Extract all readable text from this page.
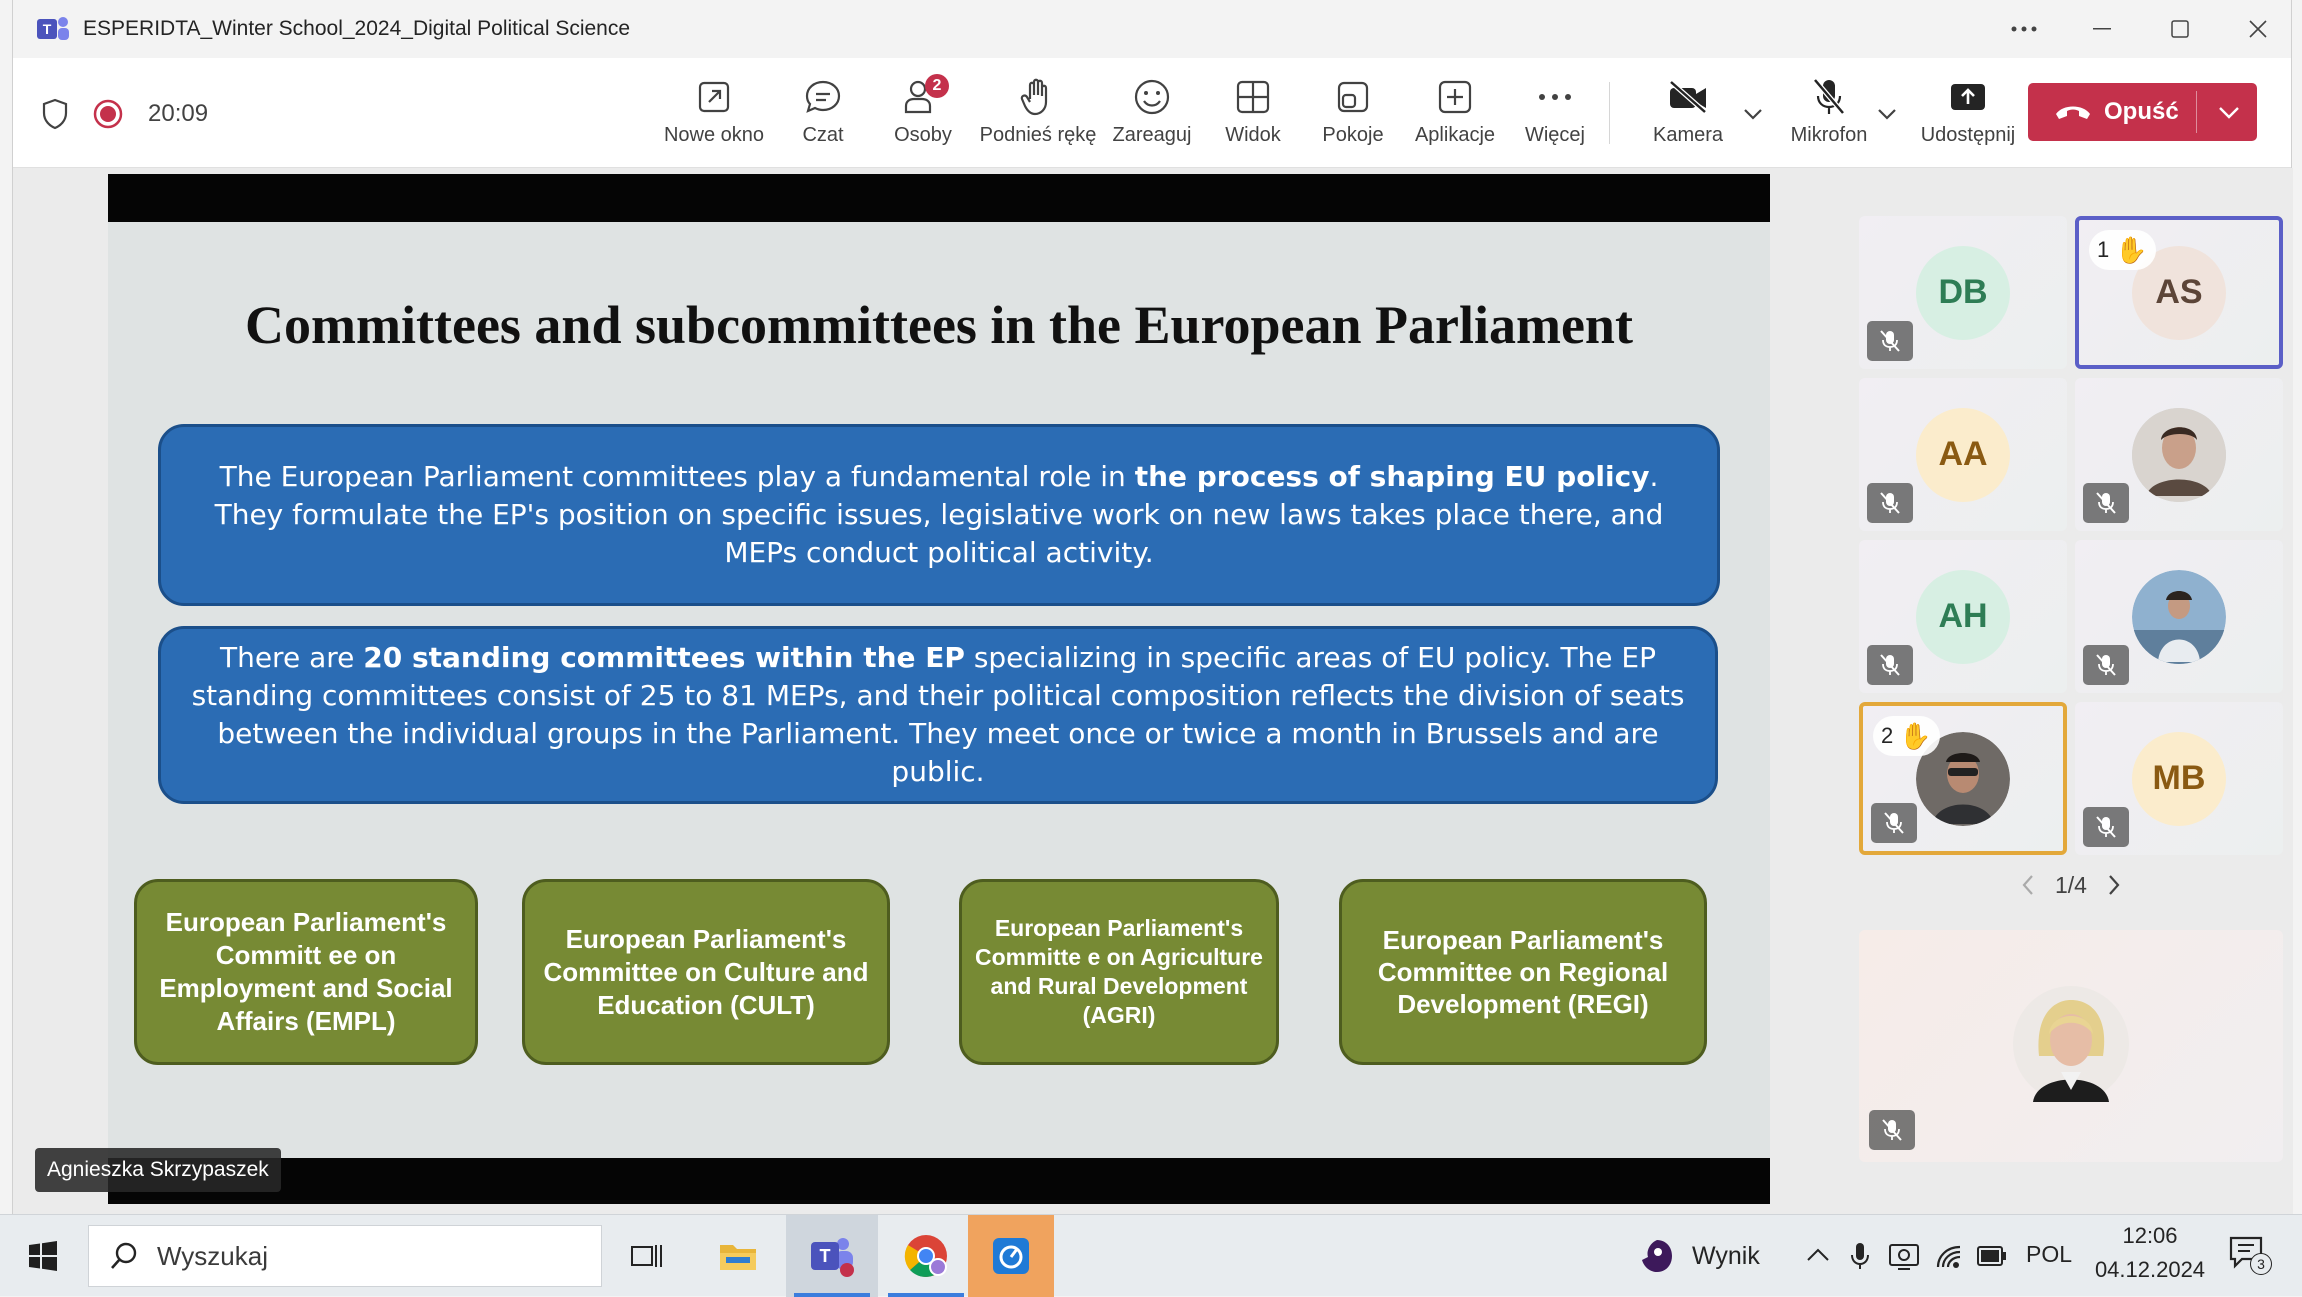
T ESPERIDTA_Winter School_2024_Digital Political Science
20:09
Nowe okno Czat
2
Osoby Podnieś rękę Zareaguj Widok Pokoje Aplikacje Więcej	Kamera	Mikrofon	Udostępnij
Opuść
Committees and subcommittees in the European Parliament

The European Parliament committees play a fundamental role in the process of shaping EU policy. They formulate the EP's position on specific issues, legislative work on new laws takes place there, and MEPs conduct political activity.

There are 20 standing committees within the EP specializing in specific areas of EU policy. The EP standing committees consist of 25 to 81 MEPs, and their political composition reflects the division of seats between the individual groups in the Parliament. They meet once or twice a month in Brussels and are public.

European Parliament's Committ ee on Employment and Social Affairs (EMPL)
European Parliament's Committee on Culture and Education (CULT)
European Parliament's Committe e on Agriculture and Rural Development (AGRI)
European Parliament's Committee on Regional Development (REGI)
Agnieszka Skrzypaszek
DB	AS
1 ✋
AA
AH
2 ✋
MB
1/4
Wyszukaj	T	Wynik	POL
12:06
04.12.2024	3
